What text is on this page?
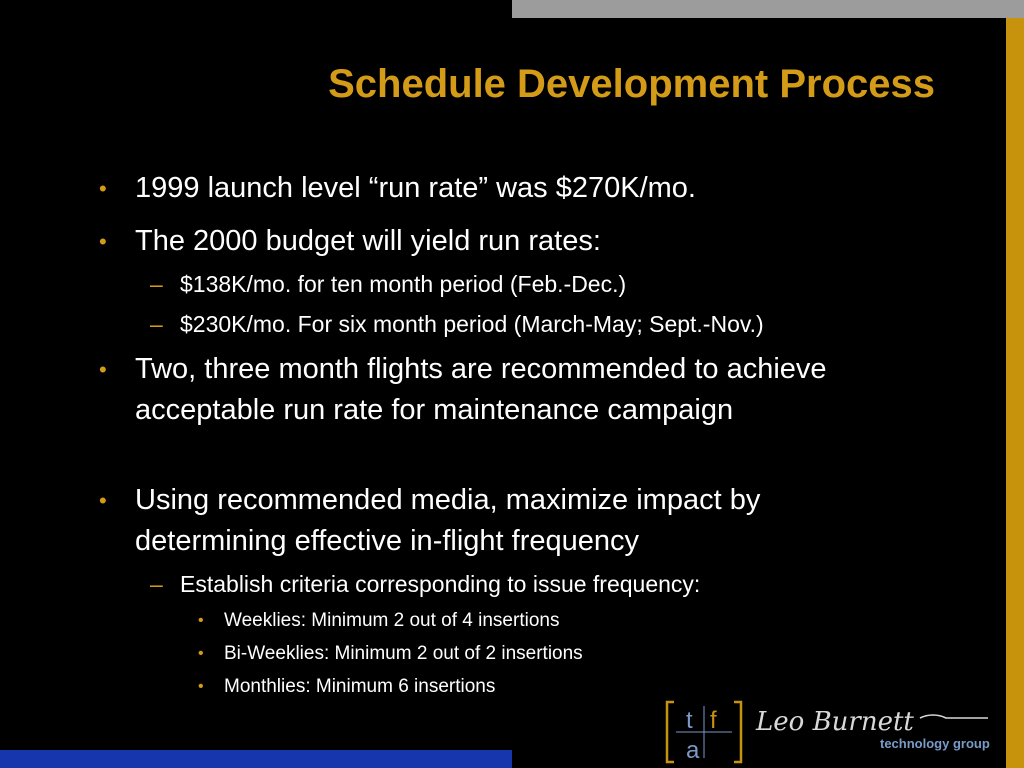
Schedule Development Process
• 1999 launch level “run rate” was $270K/mo.
• The 2000 budget will yield run rates:
– $138K/mo. for ten month period (Feb.-Dec.)
– $230K/mo. For six month period (March-May; Sept.-Nov.)
• Two, three month flights are recommended to achieve acceptable run rate for maintenance campaign
• Using recommended media, maximize impact by determining effective in-flight frequency
– Establish criteria corresponding to issue frequency:
• Weeklies: Minimum 2 out of 4 insertions
• Bi-Weeklies: Minimum 2 out of 2 insertions
• Monthlies: Minimum 6 insertions
t f
a
Leo Burnett
technology group
